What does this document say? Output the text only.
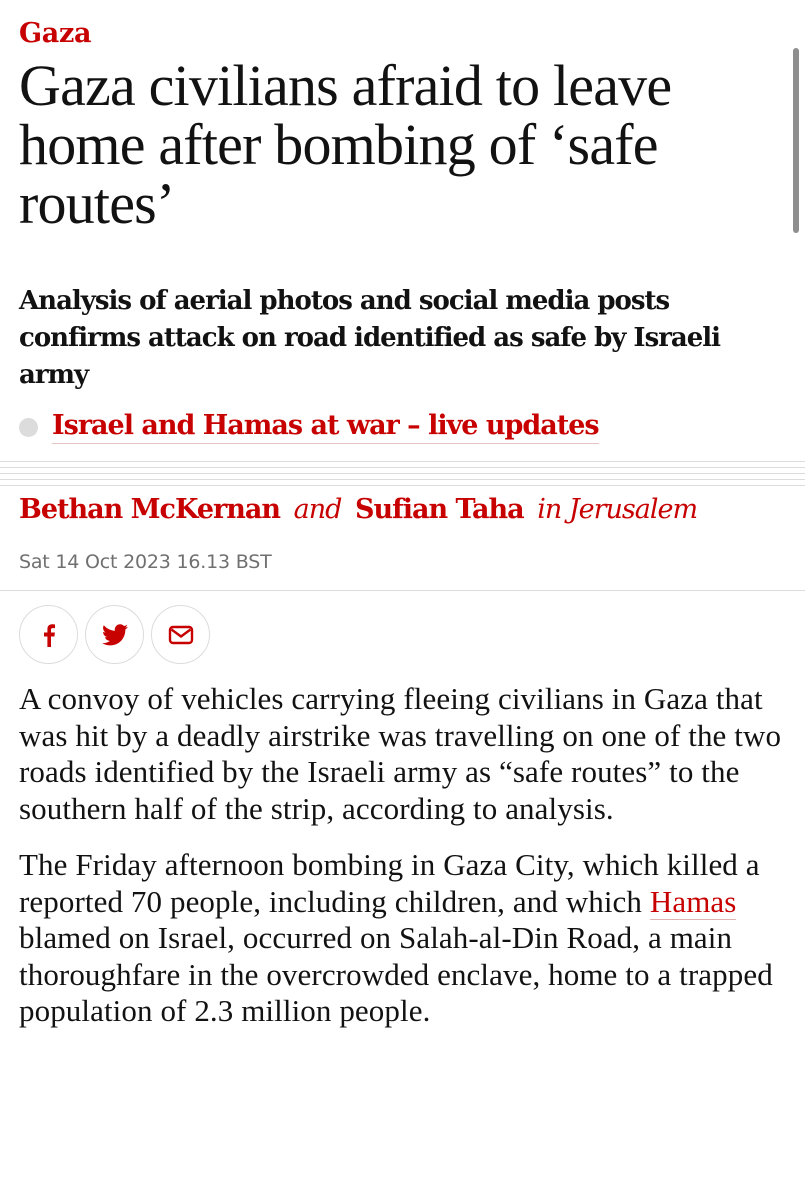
Gaza
Gaza civilians afraid to leave home after bombing of ‘safe routes’

Analysis of aerial photos and social media posts confirms attack on road identified as safe by Israeli army

Israel and Hamas at war – live updates
Bethan McKernan and Sufian Taha in Jerusalem
Sat 14 Oct 2023 16.13 BST

A convoy of vehicles carrying fleeing civilians in Gaza that was hit by a deadly airstrike was travelling on one of the two roads identified by the Israeli army as “safe routes” to the southern half of the strip, according to analysis.

The Friday afternoon bombing in Gaza City, which killed a reported 70 people, including children, and which Hamas blamed on Israel, occurred on Salah-al-Din Road, a main thoroughfare in the overcrowded enclave, home to a trapped population of 2.3 million people.
